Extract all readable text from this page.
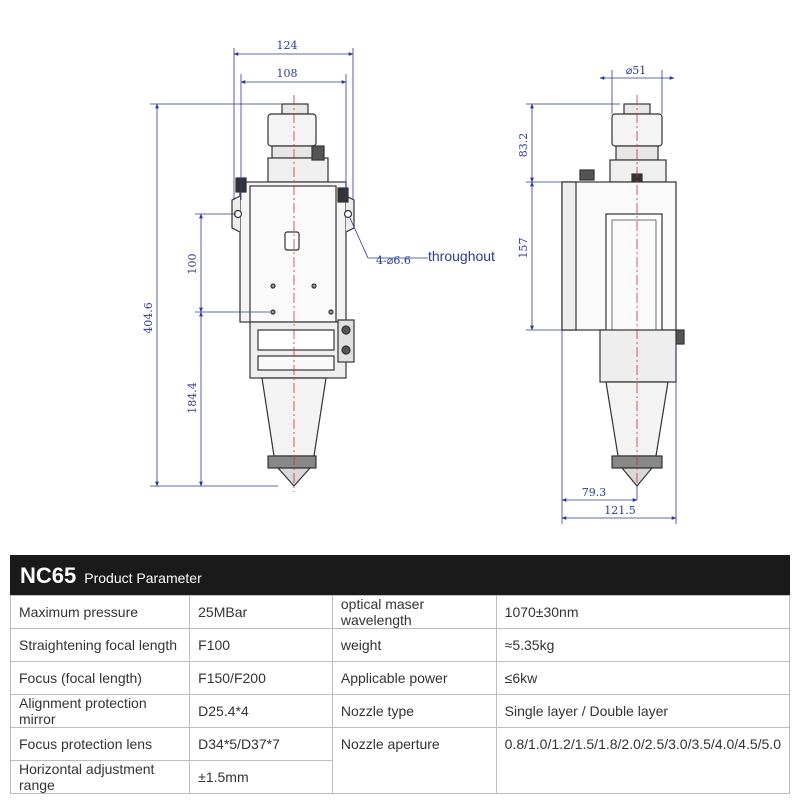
124
108
404.6
100
184.4
4-⌀6.6 throughout
⌀51
83.2
157
79.3
121.5
NC65 Product Parameter
Maximum pressure	25MBar	optical maser wavelength	1070±30nm
Straightening focal length	F100	weight	≈5.35kg
Focus (focal length)	F150/F200	Applicable power	≤6kw
Alignment protection mirror	D25.4*4	Nozzle type	Single layer / Double layer
Focus protection lens	D34*5/D37*7	Nozzle aperture	0.8/1.0/1.2/1.5/1.8/2.0/2.5/3.0/3.5/4.0/4.5/5.0
Horizontal adjustment range	±1.5mm		
